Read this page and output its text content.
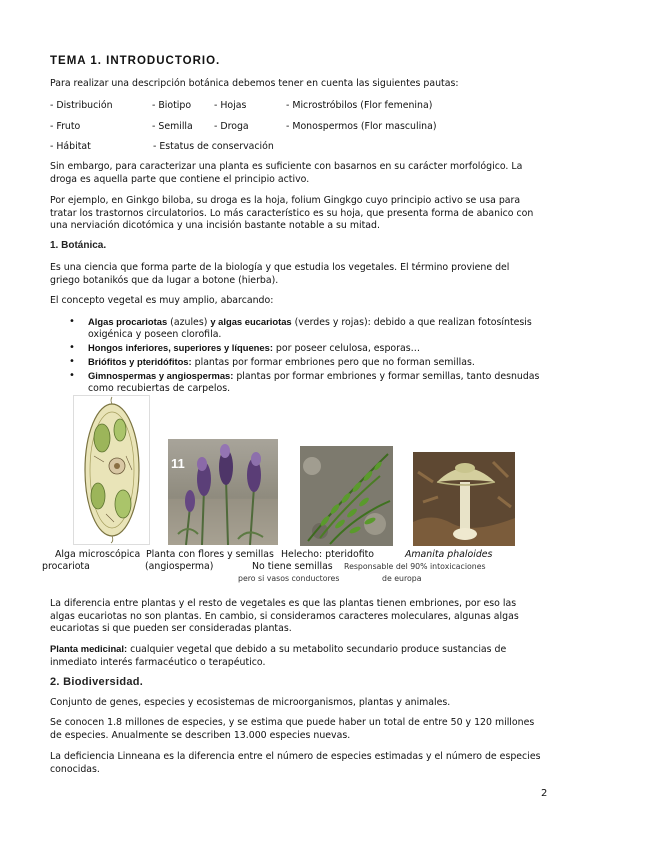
TEMA 1. INTRODUCTORIO.
Para realizar una descripción botánica debemos tener en cuenta las siguientes pautas:
- Distribución	- Biotipo - Hojas	- Microstróbilos (Flor femenina)
- Fruto	- Semilla - Droga	- Monospermos (Flor masculina)
- Hábitat	- Estatus de conservación
Sin embargo, para caracterizar una planta es suficiente con basarnos en su carácter morfológico. La droga es aquella parte que contiene el principio activo.
Por ejemplo, en Ginkgo biloba, su droga es la hoja, folium Gingkgo cuyo principio activo se usa para tratar los trastornos circulatorios. Lo más característico es su hoja, que presenta forma de abanico con una nerviación dicotómica y una incisión bastante notable a su mitad.
1. Botánica.
Es una ciencia que forma parte de la biología y que estudia los vegetales. El término proviene del griego botanikós que da lugar a botone (hierba).
El concepto vegetal es muy amplio, abarcando:
• Algas procariotas (azules) y algas eucariotas (verdes y rojas): debido a que realizan fotosíntesis oxigénica y poseen clorofila.
• Hongos inferiores, superiores y líquenes: por poseer celulosa, esporas…
• Briófitos y pteridófitos: plantas por formar embriones pero que no forman semillas.
• Gimnospermas y angiospermas: plantas por formar embriones y formar semillas, tanto desnudas como recubiertas de carpelos.
11
Alga microscópica
procariota
Planta con flores y semillas
(angiosperma)
Helecho: pteridofito
No tiene semillas
pero si vasos conductores
Amanita phaloides
Responsable del 90% intoxicaciones
de europa
La diferencia entre plantas y el resto de vegetales es que las plantas tienen embriones, por eso las algas eucariotas no son plantas. En cambio, si consideramos caracteres moleculares, algunas algas eucariotas si que pueden ser consideradas plantas.
Planta medicinal: cualquier vegetal que debido a su metabolito secundario produce sustancias de inmediato interés farmacéutico o terapéutico.
2. Biodiversidad.
Conjunto de genes, especies y ecosistemas de microorganismos, plantas y animales.
Se conocen 1.8 millones de especies, y se estima que puede haber un total de entre 50 y 120 millones de especies. Anualmente se describen 13.000 especies nuevas.
La deficiencia Linneana es la diferencia entre el número de especies estimadas y el número de especies conocidas.
2
